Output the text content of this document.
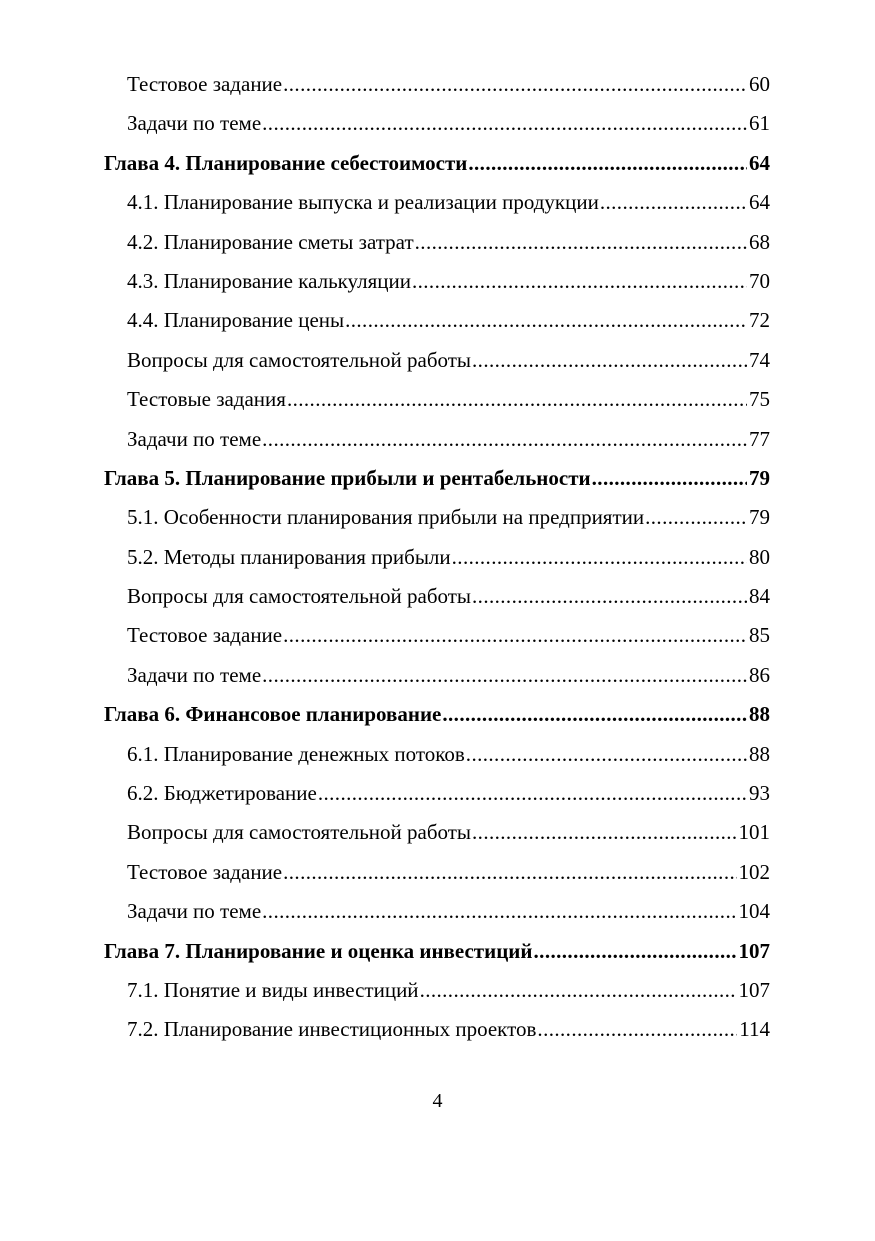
Тестовое задание .....	60
Задачи по теме .....	61
Глава 4. Планирование себестоимости .....	64
4.1. Планирование выпуска и реализации продукции .....	64
4.2. Планирование сметы затрат .....	68
4.3. Планирование калькуляции .....	70
4.4. Планирование цены .....	72
Вопросы для самостоятельной работы .....	74
Тестовые задания .....	75
Задачи по теме .....	77
Глава 5. Планирование прибыли и рентабельности .....	79
5.1. Особенности планирования прибыли на предприятии .....	79
5.2. Методы планирования прибыли .....	80
Вопросы для самостоятельной работы .....	84
Тестовое задание .....	85
Задачи по теме .....	86
Глава 6. Финансовое планирование .....	88
6.1. Планирование денежных потоков .....	88
6.2. Бюджетирование .....	93
Вопросы для самостоятельной работы .....	101
Тестовое задание .....	102
Задачи по теме .....	104
Глава 7. Планирование и оценка инвестиций .....	107
7.1. Понятие и виды инвестиций .....	107
7.2. Планирование инвестиционных проектов .....	114
4
